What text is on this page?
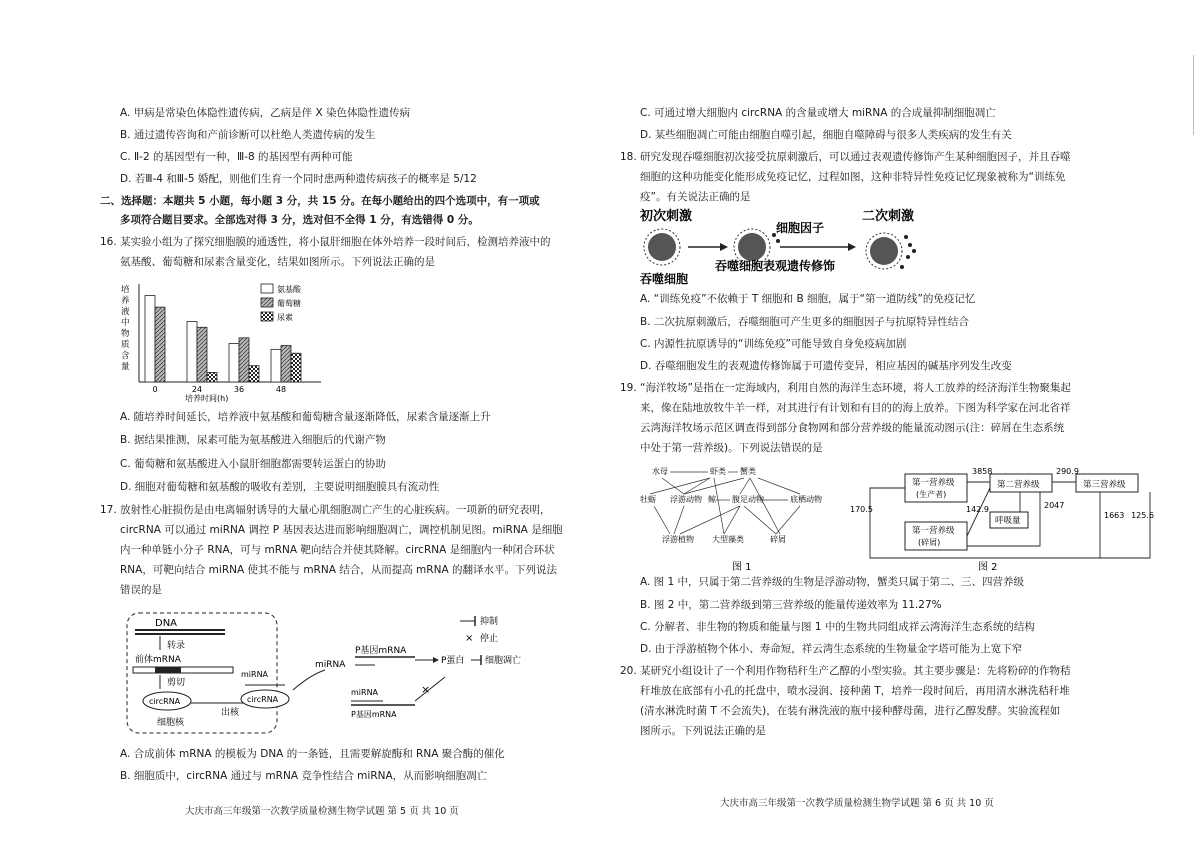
A. 甲病是常染色体隐性遗传病，乙病是伴 X 染色体隐性遗传病
B. 通过遗传咨询和产前诊断可以杜绝人类遗传病的发生
C. Ⅱ-2 的基因型有一种，Ⅲ-8 的基因型有两种可能
D. 若Ⅲ-4 和Ⅲ-5 婚配，则他们生育一个同时患两种遗传病孩子的概率是 5/12
二、选择题：本题共 5 小题，每小题 3 分，共 15 分。在每小题给出的四个选项中，有一项或
多项符合题目要求。全部选对得 3 分，选对但不全得 1 分，有选错得 0 分。
16. 某实验小组为了探究细胞膜的通透性，将小鼠肝细胞在体外培养一段时间后，检测培养液中的
氨基酸、葡萄糖和尿素含量变化，结果如图所示。下列说法正确的是
培
养
液
中
物
质
含
量
0	24	36	48
培养时间(h)
氨基酸
葡萄糖
尿素
A. 随培养时间延长，培养液中氨基酸和葡萄糖含量逐渐降低，尿素含量逐渐上升
B. 据结果推测，尿素可能为氨基酸进入细胞后的代谢产物
C. 葡萄糖和氨基酸进入小鼠肝细胞都需要转运蛋白的协助
D. 细胞对葡萄糖和氨基酸的吸收有差别，主要说明细胞膜具有流动性
17. 放射性心脏损伤是由电离辐射诱导的大量心肌细胞凋亡产生的心脏疾病。一项新的研究表明，
circRNA 可以通过 miRNA 调控 P 基因表达进而影响细胞凋亡，调控机制见图。miRNA 是细胞
内一种单链小分子 RNA，可与 mRNA 靶向结合并使其降解。circRNA 是细胞内一种闭合环状
RNA，可靶向结合 miRNA 使其不能与 mRNA 结合，从而提高 mRNA 的翻译水平。下列说法
错误的是
DNA
转录
前体mRNA
剪切
circRNA
细胞核
出核
miRNA
circRNA
miRNA
P基因mRNA
P蛋白 细胞凋亡
miRNA
P基因mRNA
×
抑制
× 停止
A. 合成前体 mRNA 的模板为 DNA 的一条链，且需要解旋酶和 RNA 聚合酶的催化
B. 细胞质中，circRNA 通过与 mRNA 竞争性结合 miRNA，从而影响细胞凋亡
大庆市高三年级第一次教学质量检测生物学试题 第 5 页 共 10 页
C. 可通过增大细胞内 circRNA 的含量或增大 miRNA 的合成量抑制细胞凋亡
D. 某些细胞凋亡可能由细胞自噬引起，细胞自噬障碍与很多人类疾病的发生有关
18. 研究发现吞噬细胞初次接受抗原刺激后，可以通过表观遗传修饰产生某种细胞因子，并且吞噬
细胞的这种功能变化能形成免疫记忆，过程如图，这种非特异性免疫记忆现象被称为“训练免
疫”。有关说法正确的是
初次刺激
吞噬细胞
细胞因子
吞噬细胞表观遗传修饰
二次刺激
A. “训练免疫”不依赖于 T 细胞和 B 细胞，属于“第一道防线”的免疫记忆
B. 二次抗原刺激后，吞噬细胞可产生更多的细胞因子与抗原特异性结合
C. 内源性抗原诱导的“训练免疫”可能导致自身免疫病加剧
D. 吞噬细胞发生的表观遗传修饰属于可遗传变异，相应基因的碱基序列发生改变
19. “海洋牧场”是指在一定海域内，利用自然的海洋生态环境，将人工放养的经济海洋生物聚集起
来，像在陆地放牧牛羊一样，对其进行有计划和有目的的海上放养。下图为科学家在河北省祥
云湾海洋牧场示范区调查得到部分食物网和部分营养级的能量流动图示(注：碎屑在生态系统
中处于第一营养级)。下列说法错误的是
水母	虾类 蟹类
牡蛎 浮游动物 鲸 腹足动物	底栖动物
浮游植物 大型藻类	碎屑
图 1
第一营养级
(生产者)
第二营养级	第三营养级
第一营养级
(碎屑)
呼吸量
3858	290.9
170.5	142.9	2047
1663 125.6
图 2
A. 图 1 中，只属于第二营养级的生物是浮游动物，蟹类只属于第二、三、四营养级
B. 图 2 中，第二营养级到第三营养级的能量传递效率为 11.27%
C. 分解者、非生物的物质和能量与图 1 中的生物共同组成祥云湾海洋生态系统的结构
D. 由于浮游植物个体小、寿命短，祥云湾生态系统的生物量金字塔可能为上宽下窄
20. 某研究小组设计了一个利用作物秸秆生产乙醇的小型实验。其主要步骤是：先将粉碎的作物秸
秆堆放在底部有小孔的托盘中，喷水浸润、接种菌 T，培养一段时间后，再用清水淋洗秸秆堆
(清水淋洗时菌 T 不会流失)，在装有淋洗液的瓶中接种酵母菌，进行乙醇发酵。实验流程如
图所示。下列说法正确的是
大庆市高三年级第一次教学质量检测生物学试题 第 6 页 共 10 页
